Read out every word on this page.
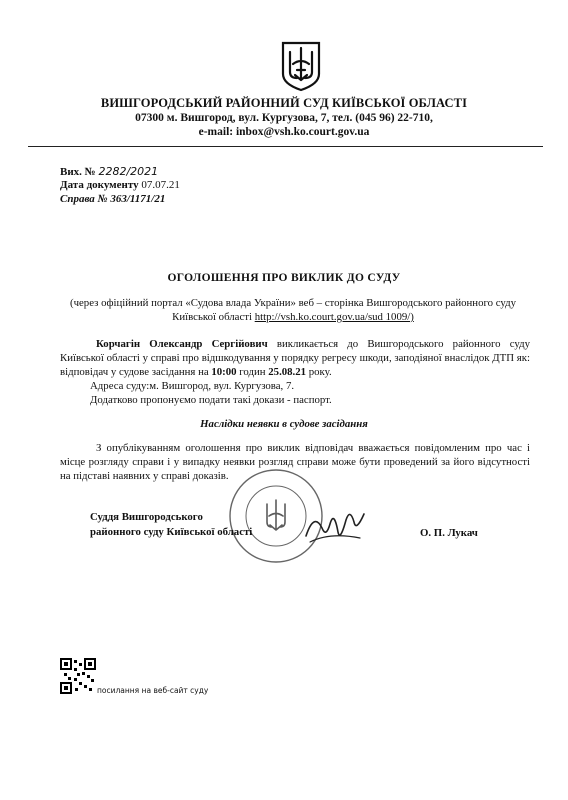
ВИШГОРОДСЬКИЙ РАЙОННИЙ СУД КИЇВСЬКОЇ ОБЛАСТІ
07300 м. Вишгород, вул. Кургузова, 7, тел. (045 96) 22-710,
e-mail: inbox@vsh.ko.court.gov.ua
Вих. № 2282/2021
Дата документу 07.07.21
Справа № 363/1171/21
ОГОЛОШЕННЯ ПРО ВИКЛИК ДО СУДУ
(через офіційний портал «Судова влада України» веб – сторінка Вишгородського районного суду Київської області http://vsh.ko.court.gov.ua/sud 1009/)
Корчагін Олександр Сергійович викликається до Вишгородського районного суду Київської області у справі про відшкодування у порядку регресу шкоди, заподіяної внаслідок ДТП як: відповідач у судове засідання на 10:00 годин 25.08.21 року.
Адреса суду:м. Вишгород, вул. Кургузова, 7.
Додатково пропонуємо подати такі докази - паспорт.
Наслідки неявки в судове засідання
З опублікуванням оголошення про виклик відповідач вважається повідомленим про час і місце розгляду справи і у випадку неявки розгляд справи може бути проведений за його відсутності на підставі наявних у справі доказів.
Суддя Вишгородського
районного суду Київської області	О. П. Лукач
посилання на веб-сайт суду
